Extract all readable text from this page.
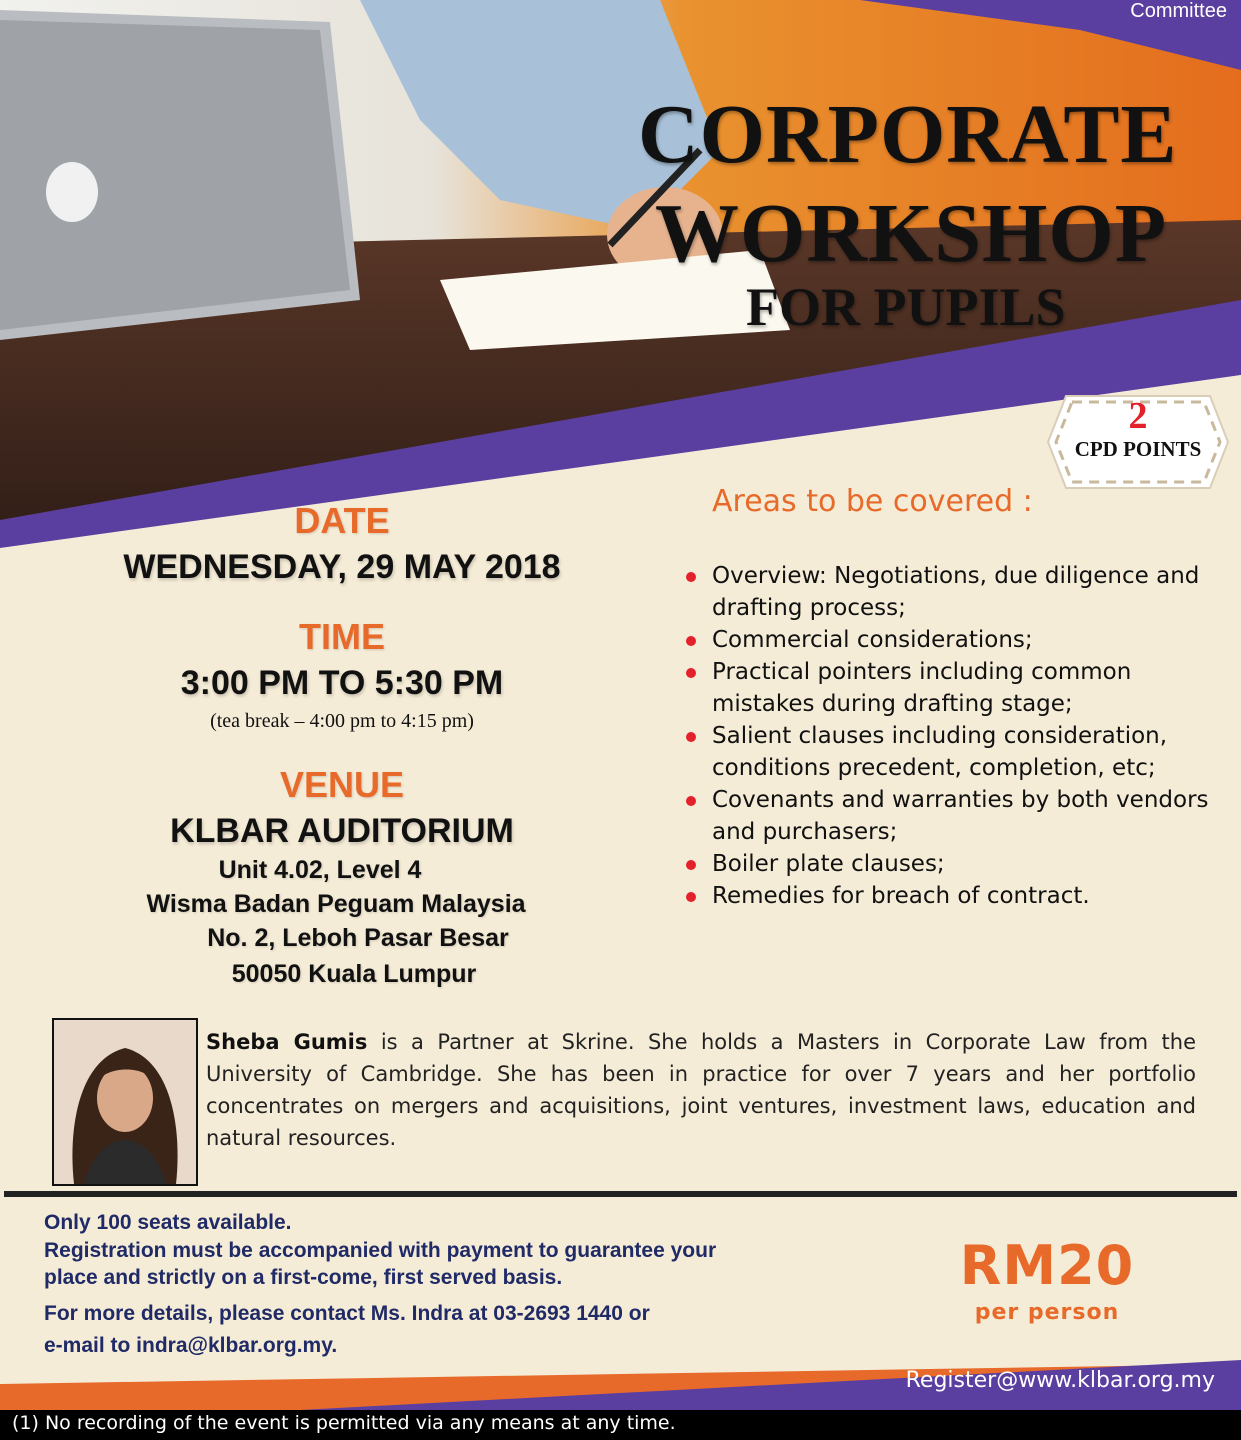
Committee
CORPORATE
WORKSHOP
FOR PUPILS
2
CPD POINTS
DATE
WEDNESDAY, 29 MAY 2018
TIME
3:00 PM TO 5:30 PM
(tea break – 4:00 pm to 4:15 pm)
VENUE
KLBAR AUDITORIUM
Unit 4.02, Level 4
Wisma Badan Peguam Malaysia
No. 2, Leboh Pasar Besar
50050 Kuala Lumpur
Areas to be covered :
Overview: Negotiations, due diligence and drafting process;
Commercial considerations;
Practical pointers including common mistakes during drafting stage;
Salient clauses including consideration, conditions precedent, completion, etc;
Covenants and warranties by both vendors and purchasers;
Boiler plate clauses;
Remedies for breach of contract.
Sheba Gumis is a Partner at Skrine. She holds a Masters in Corporate Law from the University of Cambridge. She has been in practice for over 7 years and her portfolio concentrates on mergers and acquisitions, joint ventures, investment laws, education and natural resources.
Only 100 seats available.
Registration must be accompanied with payment to guarantee your
place and strictly on a first-come, first served basis.
For more details, please contact Ms. Indra at 03-2693 1440 or
e-mail to indra@klbar.org.my.
RM20
per person
Register@www.klbar.org.my
(1) No recording of the event is permitted via any means at any time.
